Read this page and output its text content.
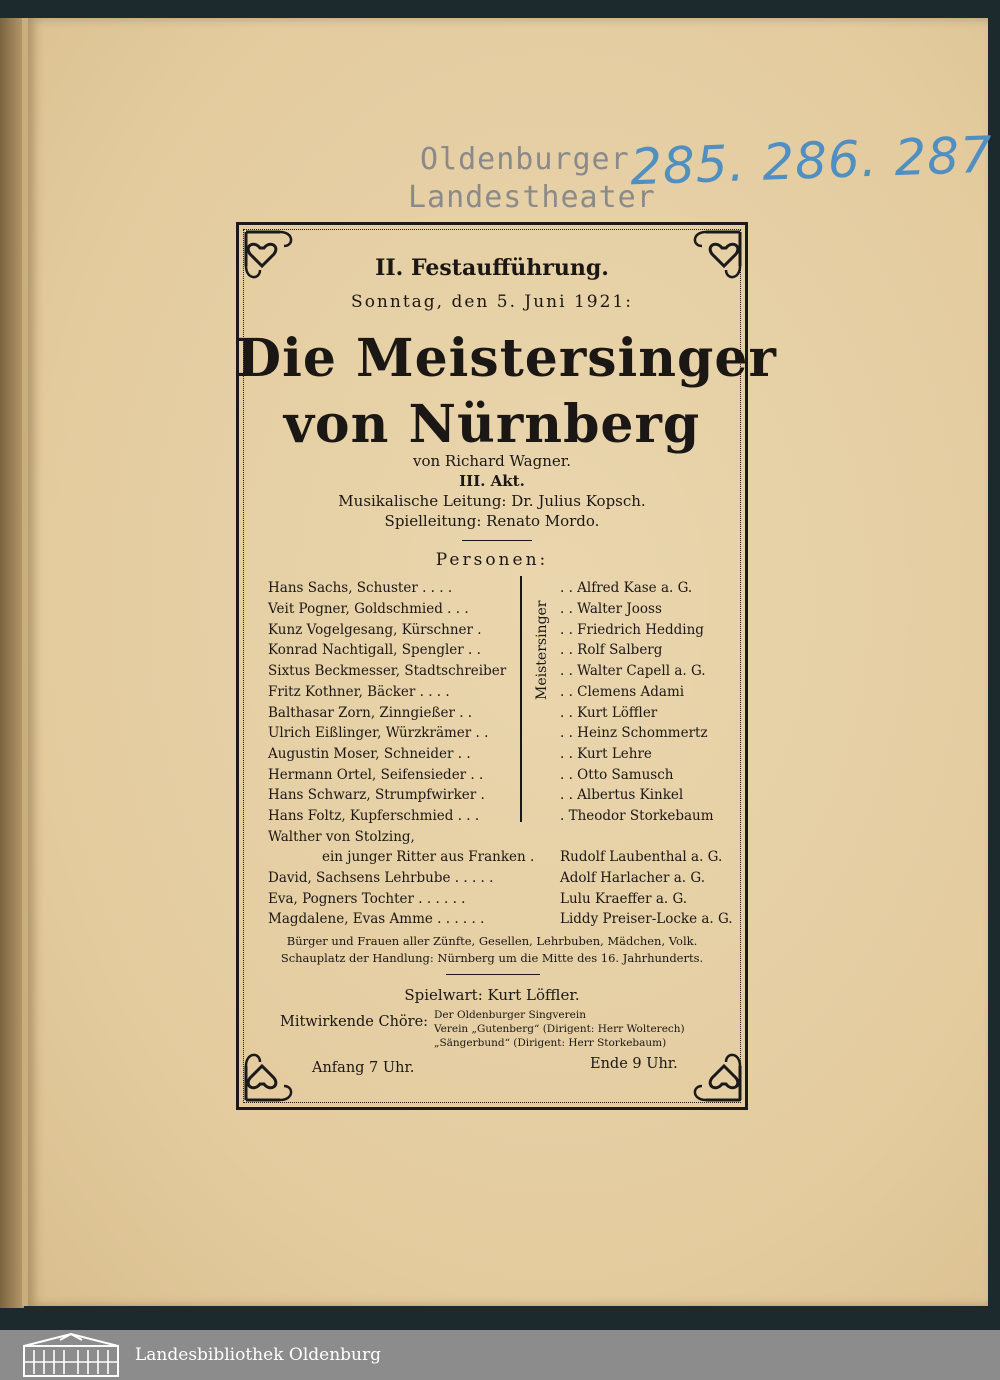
Oldenburger
Landestheater
285. 286. 287
II. Festaufführung.
Sonntag, den 5. Juni 1921:
Die Meistersinger
von Nürnberg
von Richard Wagner.
III. Akt.
Musikalische Leitung: Dr. Julius Kopsch.
Spielleitung: Renato Mordo.
Personen:
Meistersinger
Hans Sachs, Schuster . . . .	. . Alfred Kase a. G.
Veit Pogner, Goldschmied . . .	. . Walter Jooss
Kunz Vogelgesang, Kürschner .	. . Friedrich Hedding
Konrad Nachtigall, Spengler . .	. . Rolf Salberg
Sixtus Beckmesser, Stadtschreiber	. . Walter Capell a. G.
Fritz Kothner, Bäcker . . . .	. . Clemens Adami
Balthasar Zorn, Zinngießer . .	. . Kurt Löffler
Ulrich Eißlinger, Würzkrämer . .	. . Heinz Schommertz
Augustin Moser, Schneider . .	. . Kurt Lehre
Hermann Ortel, Seifensieder . .	. . Otto Samusch
Hans Schwarz, Strumpfwirker .	. . Albertus Kinkel
Hans Foltz, Kupferschmied . . .	. Theodor Storkebaum
Walther von Stolzing,
ein junger Ritter aus Franken . Rudolf Laubenthal a. G.
David, Sachsens Lehrbube . . . . .	Adolf Harlacher a. G.
Eva, Pogners Tochter . . . . . .	Lulu Kraeffer a. G.
Magdalene, Evas Amme . . . . . .	Liddy Preiser-Locke a. G.
Bürger und Frauen aller Zünfte, Gesellen, Lehrbuben, Mädchen, Volk.
Schauplatz der Handlung: Nürnberg um die Mitte des 16. Jahrhunderts.
Spielwart: Kurt Löffler.
Mitwirkende Chöre: Der Oldenburger Singverein
Verein „Gutenberg“ (Dirigent: Herr Wolterech)
„Sängerbund“ (Dirigent: Herr Storkebaum)
Anfang 7 Uhr.	Ende 9 Uhr.
Landesbibliothek Oldenburg
